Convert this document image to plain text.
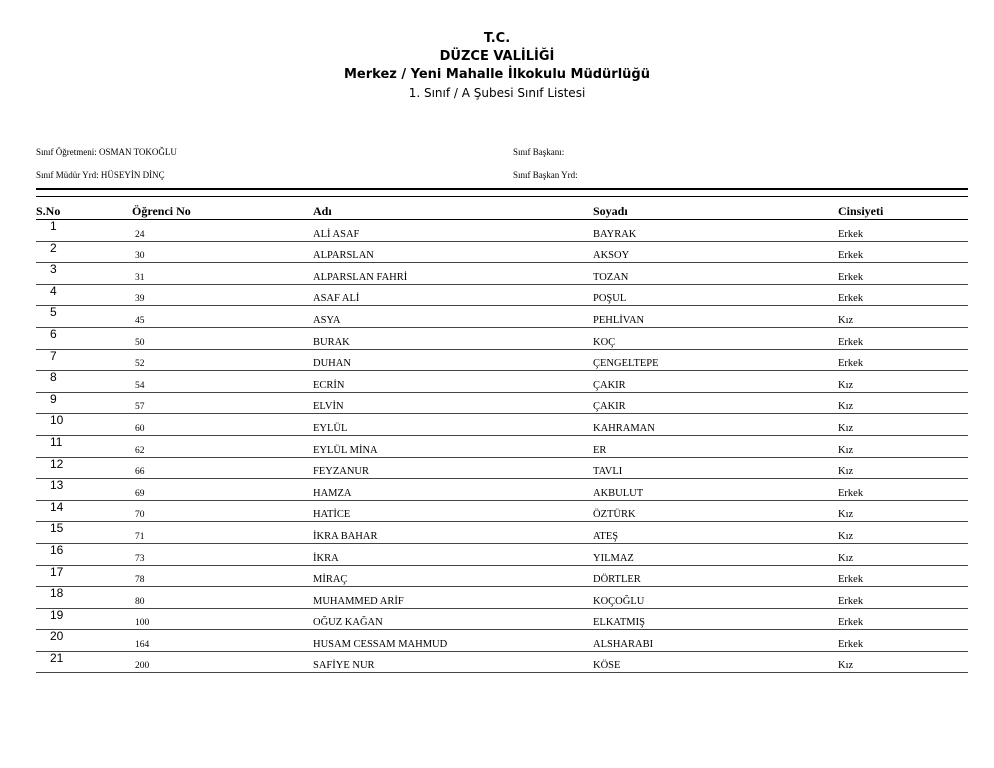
T.C.
DÜZCE VALİLİĞİ
Merkez / Yeni Mahalle İlkokulu Müdürlüğü
1. Sınıf / A Şubesi Sınıf Listesi
Sınıf Öğretmeni: OSMAN TOKOĞLU
Sınıf Müdür Yrd: HÜSEYİN DİNÇ
Sınıf Başkanı:
Sınıf Başkan Yrd:
S.No	Öğrenci No	Adı	Soyadı	Cinsiyeti
1	24	ALİ ASAF	BAYRAK	Erkek
2	30	ALPARSLAN	AKSOY	Erkek
3	31	ALPARSLAN FAHRİ	TOZAN	Erkek
4	39	ASAF ALİ	POŞUL	Erkek
5	45	ASYA	PEHLİVAN	Kız
6	50	BURAK	KOÇ	Erkek
7	52	DUHAN	ÇENGELTEPE	Erkek
8	54	ECRİN	ÇAKIR	Kız
9	57	ELVİN	ÇAKIR	Kız
10	60	EYLÜL	KAHRAMAN	Kız
11	62	EYLÜL MİNA	ER	Kız
12	66	FEYZANUR	TAVLI	Kız
13	69	HAMZA	AKBULUT	Erkek
14	70	HATİCE	ÖZTÜRK	Kız
15	71	İKRA BAHAR	ATEŞ	Kız
16	73	İKRA	YILMAZ	Kız
17	78	MİRAÇ	DÖRTLER	Erkek
18	80	MUHAMMED ARİF	KOÇOĞLU	Erkek
19	100	OĞUZ KAĞAN	ELKATMIŞ	Erkek
20	164	HUSAM CESSAM MAHMUD	ALSHARABI	Erkek
21	200	SAFİYE NUR	KÖSE	Kız
